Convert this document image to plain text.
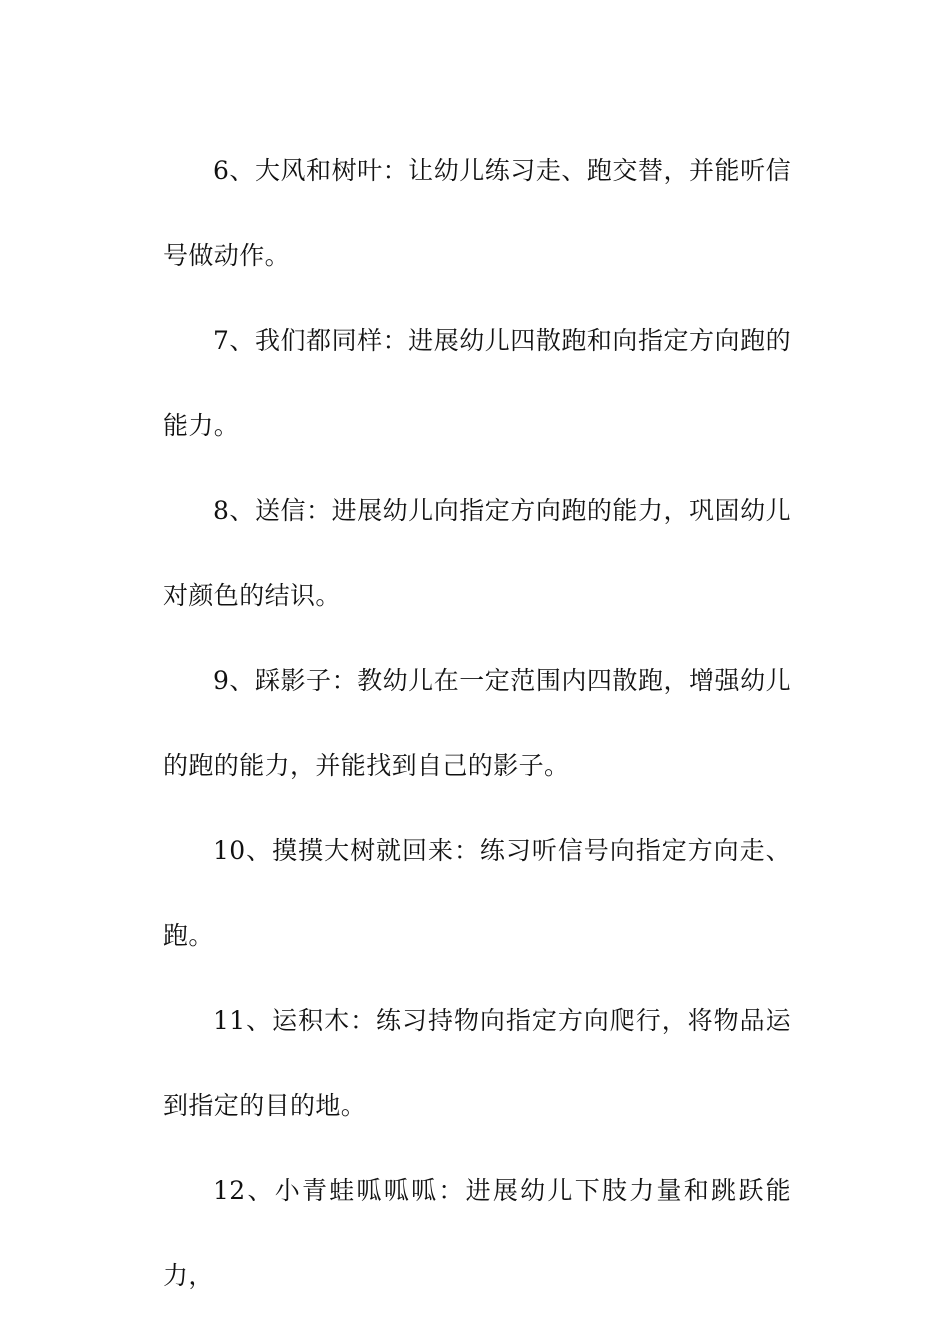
6、大风和树叶：让幼儿练习走、跑交替，并能听信号做动作。

7、我们都同样：进展幼儿四散跑和向指定方向跑的能力。

8、送信：进展幼儿向指定方向跑的能力，巩固幼儿对颜色的结识。

9、踩影子：教幼儿在一定范围内四散跑，增强幼儿的跑的能力，并能找到自己的影子。

10、摸摸大树就回来：练习听信号向指定方向走、跑。

11、运积木：练习持物向指定方向爬行，将物品运到指定的目的地。

12、小青蛙呱呱呱：进展幼儿下肢力量和跳跃能力，
